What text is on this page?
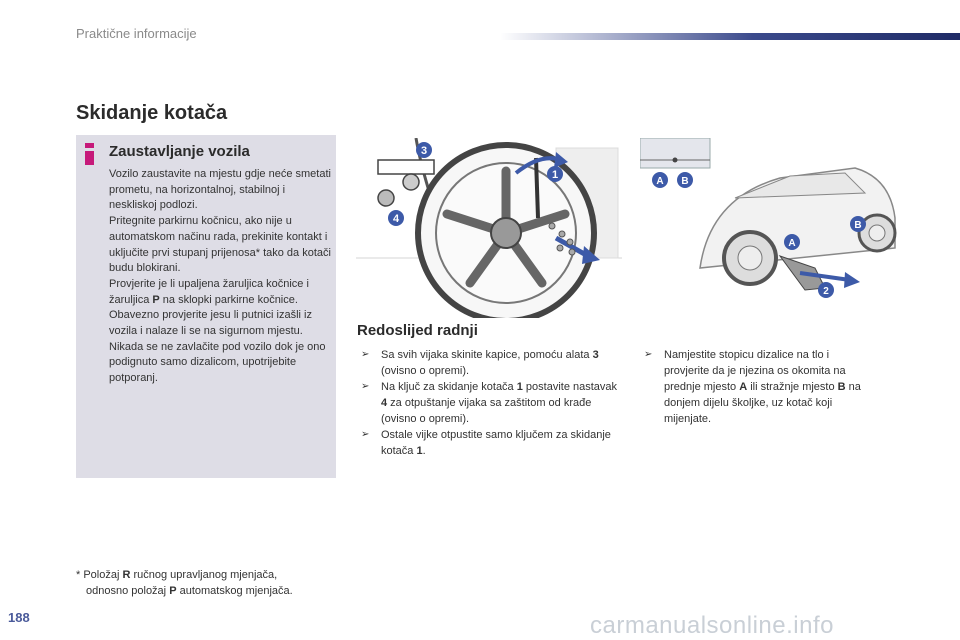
Praktične informacije
Skidanje kotača
Zaustavljanje vozila
Vozilo zaustavite na mjestu gdje neće smetati prometu, na horizontalnoj, stabilnoj i neskliskoj podlozi.
Pritegnite parkirnu kočnicu, ako nije u automatskom načinu rada, prekinite kontakt i uključite prvi stupanj prijenosa* tako da kotači budu blokirani.
Provjerite je li upaljena žaruljica kočnice i žaruljica P na sklopki parkirne kočnice.
Obavezno provjerite jesu li putnici izašli iz vozila i nalaze li se na sigurnom mjestu.
Nikada se ne zavlačite pod vozilo dok je ono podignuto samo dizalicom, upotrijebite potporanj.
3
1
4
A B
A
B
2
Redoslijed radnji
➢ Sa svih vijaka skinite kapice, pomoću alata 3 (ovisno o opremi).
➢ Na ključ za skidanje kotača 1 postavite nastavak 4 za otpuštanje vijaka sa zaštitom od krađe (ovisno o opremi).
➢ Ostale vijke otpustite samo ključem za skidanje kotača 1.
➢ Namjestite stopicu dizalice na tlo i provjerite da je njezina os okomita na prednje mjesto A ili stražnje mjesto B na donjem dijelu školjke, uz kotač koji mijenjate.
* Položaj R ručnog upravljanog mjenjača,
odnosno položaj P automatskog mjenjača.
188	carmanualsonline.info
